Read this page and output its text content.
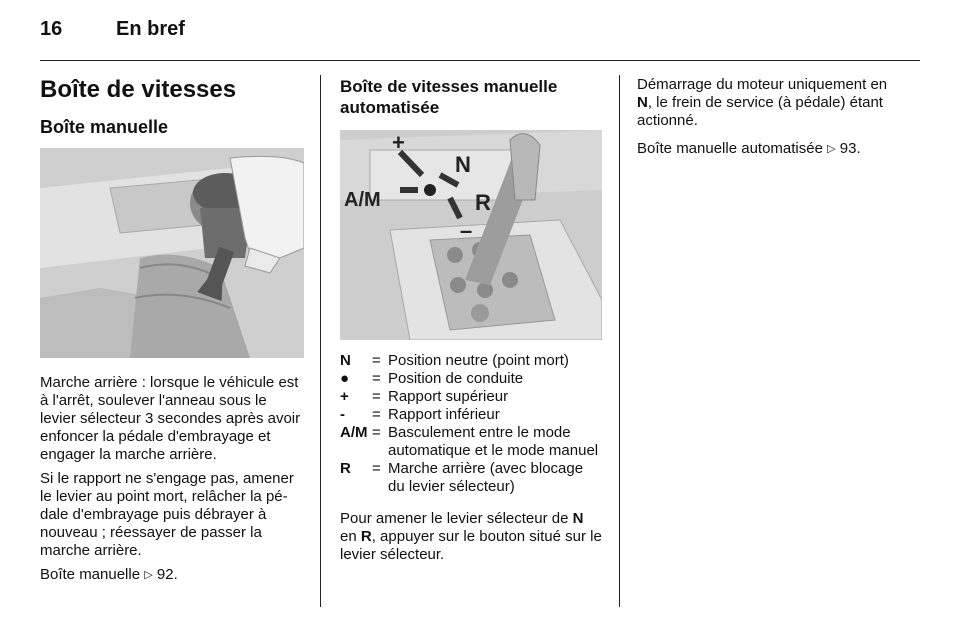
16	En bref
Boîte de vitesses
Boîte manuelle

Marche arrière : lorsque le véhicule est à l'arrêt, soulever l'anneau sous le levier sélecteur 3 secondes après avoir enfoncer la pédale d'embrayage et engager la marche arrière.

Si le rapport ne s'engage pas, amener le levier au point mort, relâcher la pédale d'embrayage puis débrayer à nouveau ; réessayer de passer la marche arrière.

Boîte manuelle ▷ 92.

Boîte de vitesses manuelle automatisée
+
N
A/M	R
–
N	= Position neutre (point mort)
●	= Position de conduite
+	= Rapport supérieur
-	= Rapport inférieur
A/M = Basculement entre le mode automatique et le mode manuel
R	= Marche arrière (avec blocage du levier sélecteur)

Pour amener le levier sélecteur de N en R, appuyer sur le bouton situé sur le levier sélecteur.

Démarrage du moteur uniquement en N, le frein de service (à pédale) étant actionné.

Boîte manuelle automatisée ▷ 93.
